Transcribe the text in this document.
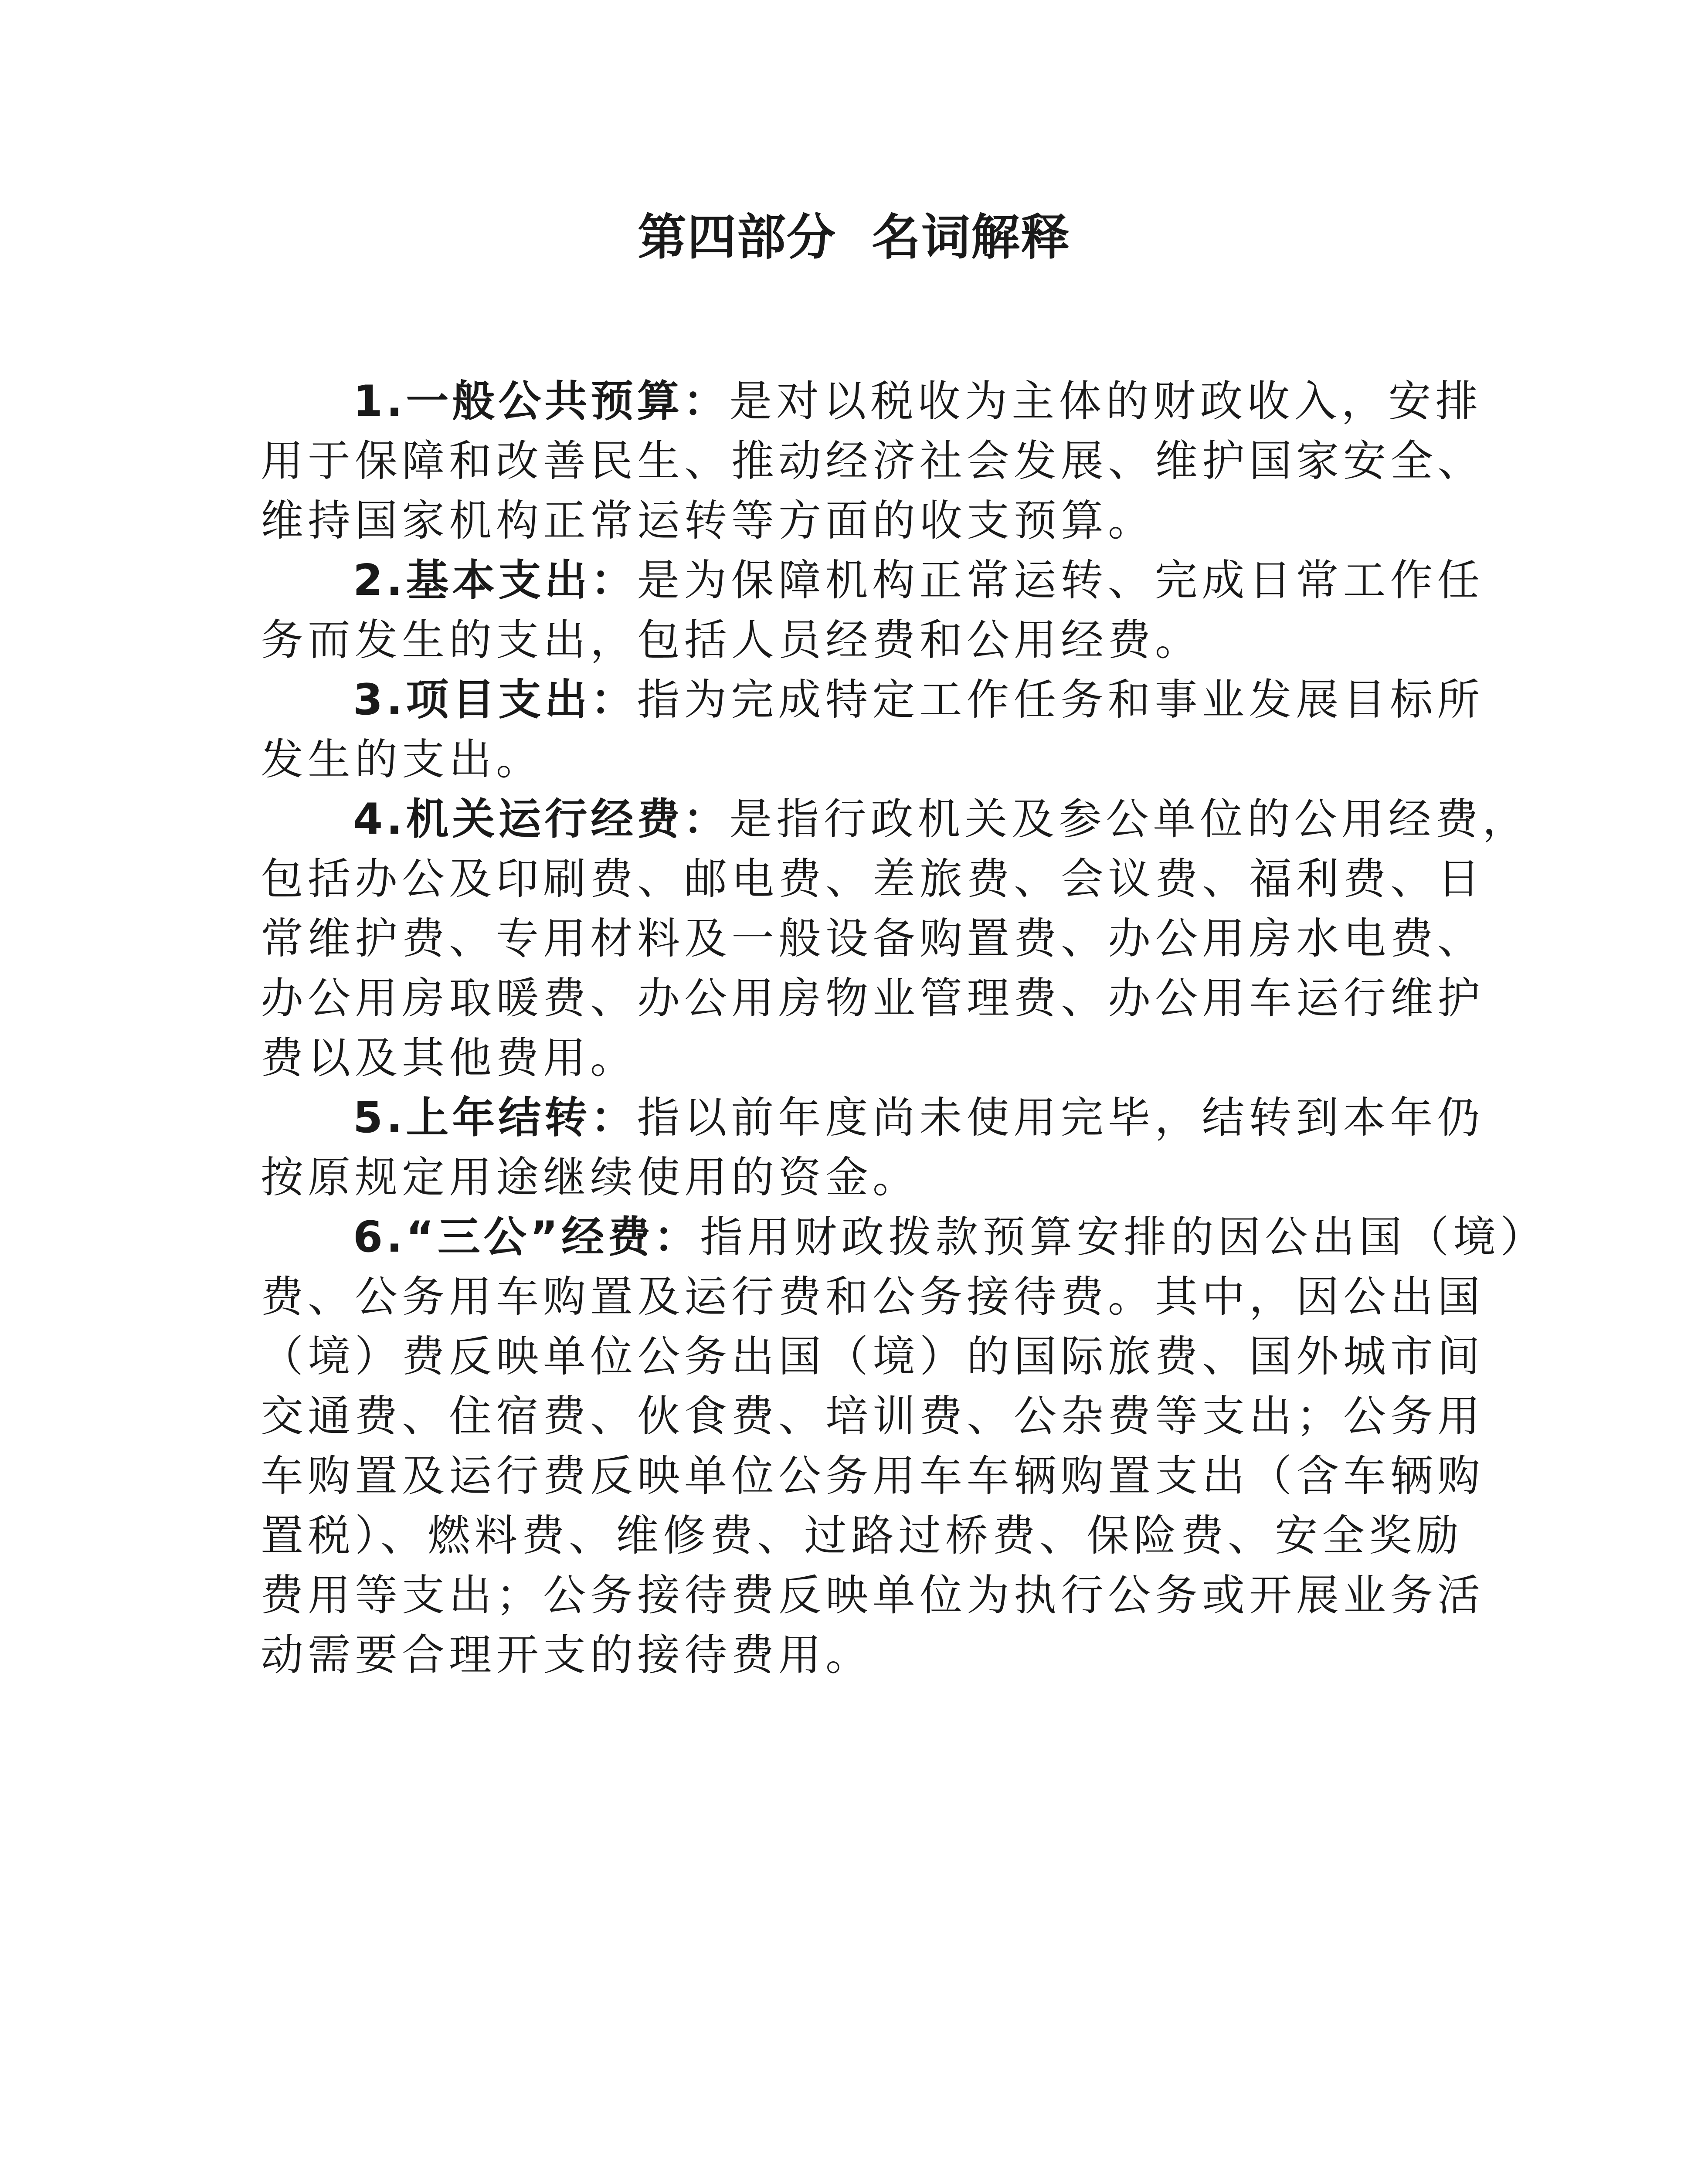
第四部分 名词解释
1.一般公共预算：是对以税收为主体的财政收入，安排
用于保障和改善民生、推动经济社会发展、维护国家安全、
维持国家机构正常运转等方面的收支预算。
2.基本支出：是为保障机构正常运转、完成日常工作任
务而发生的支出，包括人员经费和公用经费。
3.项目支出：指为完成特定工作任务和事业发展目标所
发生的支出。
4.机关运行经费：是指行政机关及参公单位的公用经费，
包括办公及印刷费、邮电费、差旅费、会议费、福利费、日
常维护费、专用材料及一般设备购置费、办公用房水电费、
办公用房取暖费、办公用房物业管理费、办公用车运行维护
费以及其他费用。
5.上年结转：指以前年度尚未使用完毕，结转到本年仍
按原规定用途继续使用的资金。
6.“三公”经费：指用财政拨款预算安排的因公出国（境）
费、公务用车购置及运行费和公务接待费。其中，因公出国
（境）费反映单位公务出国（境）的国际旅费、国外城市间
交通费、住宿费、伙食费、培训费、公杂费等支出；公务用
车购置及运行费反映单位公务用车车辆购置支出（含车辆购
置税）、燃料费、维修费、过路过桥费、保险费、安全奖励
费用等支出；公务接待费反映单位为执行公务或开展业务活
动需要合理开支的接待费用。
